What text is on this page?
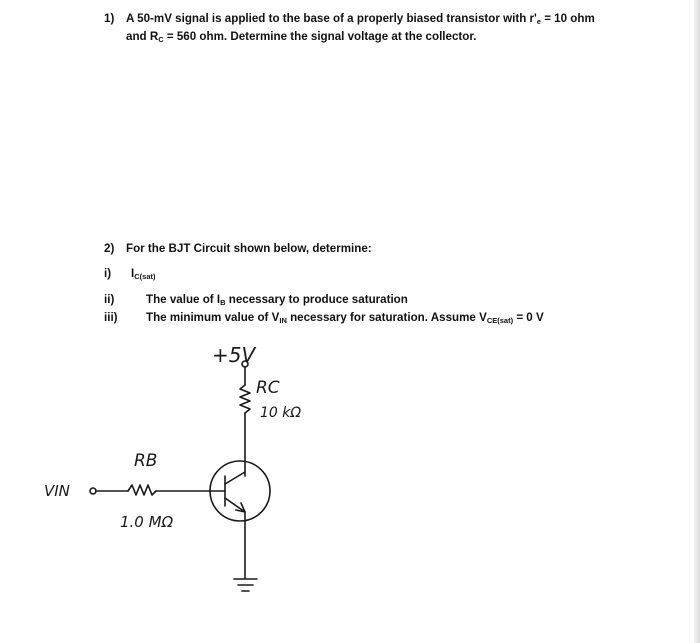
1) A 50-mV signal is applied to the base of a properly biased transistor with $r'_e = 10$ ohm
and $R_C = 560$ ohm. Determine the signal voltage at the collector.
2) For the BJT Circuit shown below, determine:
i) $I_{C(sat)}$
ii)	The value of $I_B$ necessary to produce saturation
iii) The minimum value of $V_{IN}$ necessary for saturation. Assume $V_{CE(sat)} = 0$ V
+5V
RC
10 kΩ
RB
1.0 MΩ
VIN
